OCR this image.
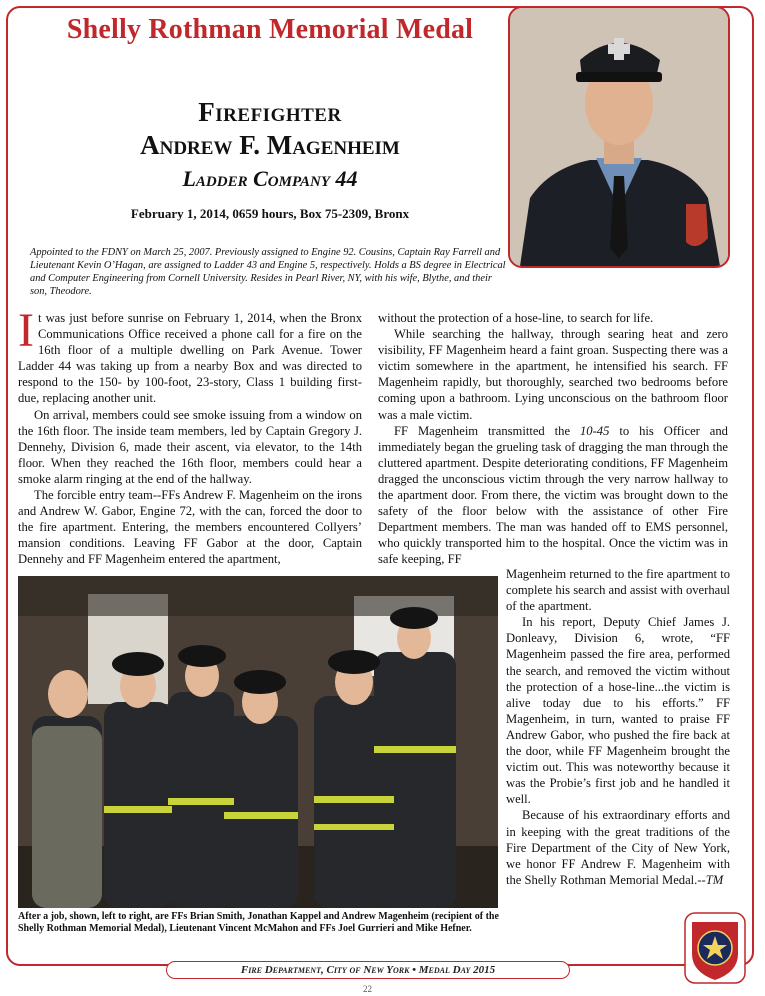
Shelly Rothman Memorial Medal
Firefighter
Andrew F. Magenheim
Ladder Company 44
February 1, 2014, 0659 hours, Box 75-2309, Bronx
Appointed to the FDNY on March 25, 2007. Previously assigned to Engine 92. Cousins, Captain Ray Farrell and Lieutenant Kevin O’Hagan, are assigned to Ladder 43 and Engine 5, respectively. Holds a BS degree in Electrical and Computer Engineering from Cornell University. Resides in Pearl River, NY, with his wife, Blythe, and their son, Theodore.

It was just before sunrise on February 1, 2014, when the Bronx Communications Office received a phone call for a fire on the 16th floor of a multiple dwelling on Park Avenue. Tower Ladder 44 was taking up from a nearby Box and was directed to respond to the 150- by 100-foot, 23-story, Class 1 building first-due, replacing another unit.

On arrival, members could see smoke issuing from a window on the 16th floor. The inside team members, led by Captain Gregory J. Dennehy, Division 6, made their ascent, via elevator, to the 14th floor. When they reached the 16th floor, members could hear a smoke alarm ringing at the end of the hallway.

The forcible entry team--FFs Andrew F. Magenheim on the irons and Andrew W. Gabor, Engine 72, with the can, forced the door to the fire apartment. Entering, the members encountered Collyers’ mansion conditions. Leaving FF Gabor at the door, Captain Dennehy and FF Magenheim entered the apartment,

without the protection of a hose-line, to search for life.

While searching the hallway, through searing heat and zero visibility, FF Magenheim heard a faint groan. Suspecting there was a victim somewhere in the apartment, he intensified his search. FF Magenheim rapidly, but thoroughly, searched two bedrooms before coming upon a bathroom. Lying unconscious on the bathroom floor was a male victim.

FF Magenheim transmitted the 10-45 to his Officer and immediately began the grueling task of dragging the man through the cluttered apartment. Despite deteriorating conditions, FF Magenheim dragged the unconscious victim through the very narrow hallway to the apartment door. From there, the victim was brought down to the safety of the floor below with the assistance of other Fire Department members. The man was handed off to EMS personnel, who quickly transported him to the hospital. Once the victim was in safe keeping, FF

Magenheim returned to the fire apartment to complete his search and assist with overhaul of the apartment.

In his report, Deputy Chief James J. Donleavy, Division 6, wrote, “FF Magenheim passed the fire area, performed the search, and removed the victim without the protection of a hose-line...the victim is alive today due to his efforts.” FF Magenheim, in turn, wanted to praise FF Andrew Gabor, who pushed the fire back at the door, while FF Magenheim brought the victim out. This was noteworthy because it was the Probie’s first job and he handled it well.

Because of his extraordinary efforts and in keeping with the great traditions of the Fire Department of the City of New York, we honor FF Andrew F. Magenheim with the Shelly Rothman Memorial Medal.--TM

After a job, shown, left to right, are FFs Brian Smith, Jonathan Kappel and Andrew Magenheim (recipient of the Shelly Rothman Memorial Medal), Lieutenant Vincent McMahon and FFs Joel Gurrieri and Mike Hefner.
Fire Department, City of New York • Medal Day 2015
22
